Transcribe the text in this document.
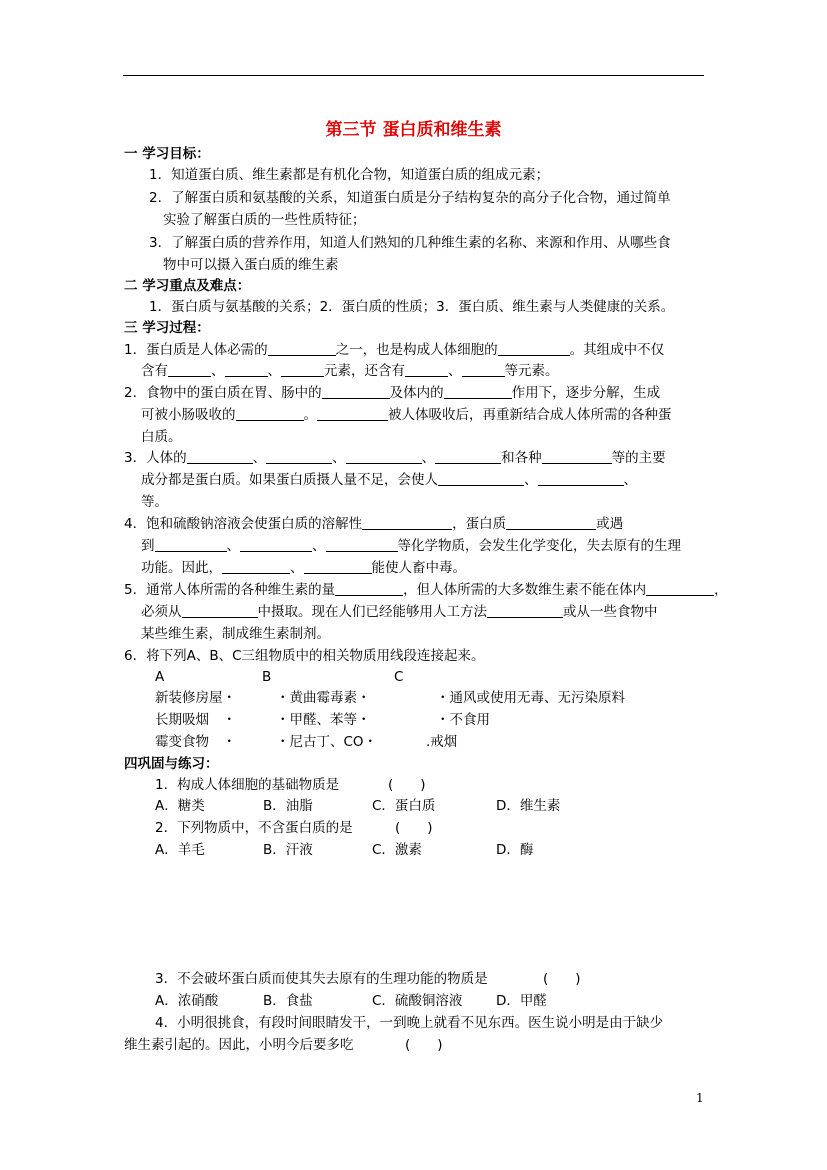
第三节 蛋白质和维生素
一 学习目标：
1．知道蛋白质、维生素都是有机化合物，知道蛋白质的组成元素；
2．了解蛋白质和氨基酸的关系，知道蛋白质是分子结构复杂的高分子化合物，通过简单
实验了解蛋白质的一些性质特征；
3．了解蛋白质的营养作用，知道人们熟知的几种维生素的名称、来源和作用、从哪些食
物中可以摄入蛋白质的维生素
二 学习重点及难点：
1．蛋白质与氨基酸的关系；2．蛋白质的性质；3．蛋白质、维生素与人类健康的关系。
三 学习过程：
1．蛋白质是人体必需的	之一，也是构成人体细胞的	。其组成中不仅
含有	、	、	元素，还含有	、	等元素。
2．食物中的蛋白质在胃、肠中的	及体内的	作用下，逐步分解，生成
可被小肠吸收的	。	被人体吸收后，再重新结合成人体所需的各种蛋
白质。
3．人体的	、	、	、	和各种	等的主要
成分都是蛋白质。如果蛋白质摄人量不足，会使人	、	、
等。
4．饱和硫酸钠溶液会使蛋白质的溶解性	，蛋白质	或遇
到	、	、	等化学物质，会发生化学变化，失去原有的生理
功能。因此，	、	能使人畜中毒。
5．通常人体所需的各种维生素的量	，但人体所需的大多数维生素不能在体内	，
必须从	中摄取。现在人们已经能够用人工方法	或从一些食物中
某些维生素，制成维生素制剂。
6．将下列A、B、C三组物质中的相关物质用线段连接起来。
A	B	C
新装修房屋・	・黄曲霉毒素・	・通风或使用无毒、无污染原料
长期吸烟　・	・甲醛、苯等・	・不食用
霉变食物　・	・尼古丁、CO・	.戒烟
四巩固与练习：
1．构成人体细胞的基础物质是	(　　)
A．糖类	B．油脂	C．蛋白质	D．维生素
2．下列物质中，不含蛋白质的是	(　　)
A．羊毛	B．汗液	C．激素	D．酶
3．不会破坏蛋白质而使其失去原有的生理功能的物质是	(　　)
A．浓硝酸	B．食盐	C．硫酸铜溶液 D．甲醛
4．小明很挑食，有段时间眼睛发干，一到晚上就看不见东西。医生说小明是由于缺少
维生素引起的。因此，小明今后要多吃	(　　)
1
